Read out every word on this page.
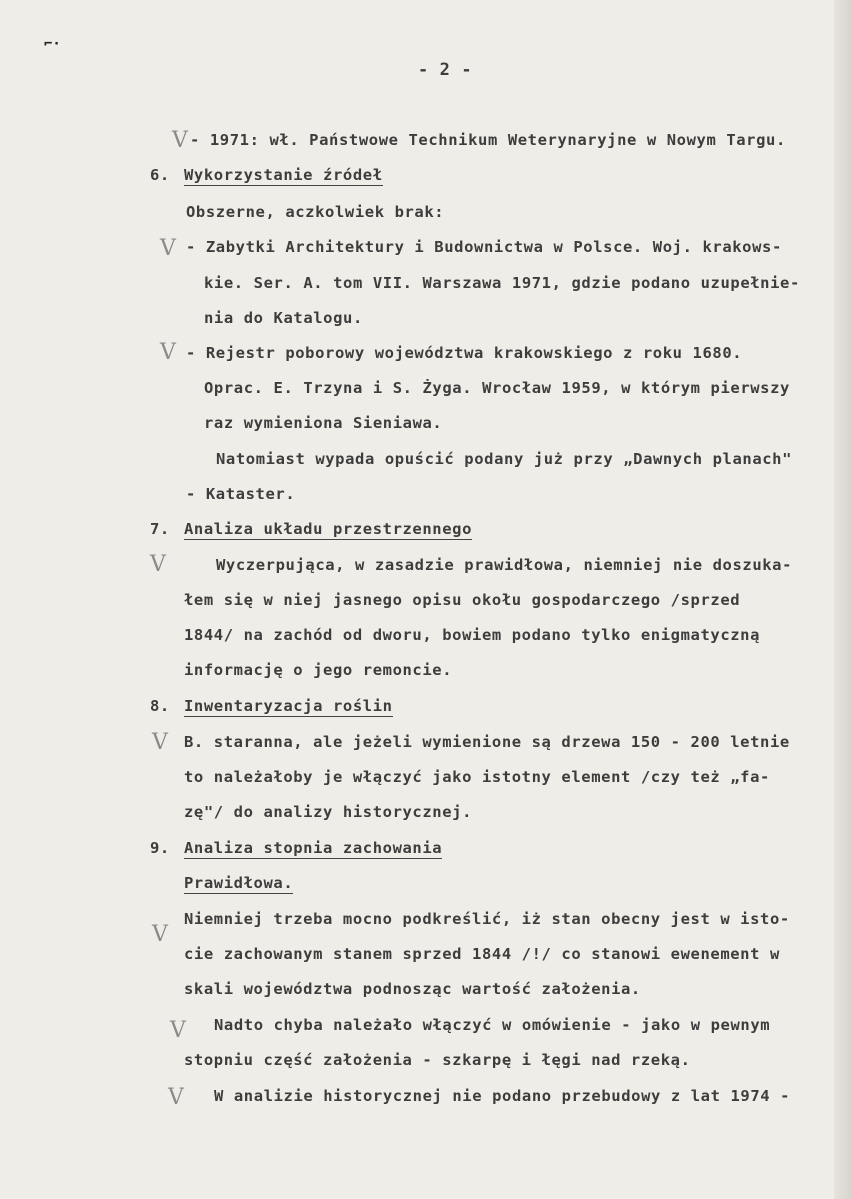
⌐·
- 2 -
V
V
V
V
V
V
V
V
- 1971: wł. Państwowe Technikum Weterynaryjne w Nowym Targu.
6. Wykorzystanie źródeł
Obszerne, aczkolwiek brak:
- Zabytki Architektury i Budownictwa w Polsce. Woj. krakows-
kie. Ser. A. tom VII. Warszawa 1971, gdzie podano uzupełnie-
nia do Katalogu.
- Rejestr poborowy województwa krakowskiego z roku 1680.
Oprac. E. Trzyna i S. Żyga. Wrocław 1959, w którym pierwszy
raz wymieniona Sieniawa.
Natomiast wypada opuścić podany już przy „Dawnych planach"
- Kataster.
7. Analiza układu przestrzennego
Wyczerpująca, w zasadzie prawidłowa, niemniej nie doszuka-
łem się w niej jasnego opisu okołu gospodarczego /sprzed
1844/ na zachód od dworu, bowiem podano tylko enigmatyczną
informację o jego remoncie.
8. Inwentaryzacja roślin
B. staranna, ale jeżeli wymienione są drzewa 150 - 200 letnie
to należałoby je włączyć jako istotny element /czy też „fa-
zę"/ do analizy historycznej.
9. Analiza stopnia zachowania
Prawidłowa.
Niemniej trzeba mocno podkreślić, iż stan obecny jest w isto-
cie zachowanym stanem sprzed 1844 /!/ co stanowi ewenement w
skali województwa podnosząc wartość założenia.
Nadto chyba należało włączyć w omówienie - jako w pewnym
stopniu część założenia - szkarpę i łęgi nad rzeką.
W analizie historycznej nie podano przebudowy z lat 1974 -
